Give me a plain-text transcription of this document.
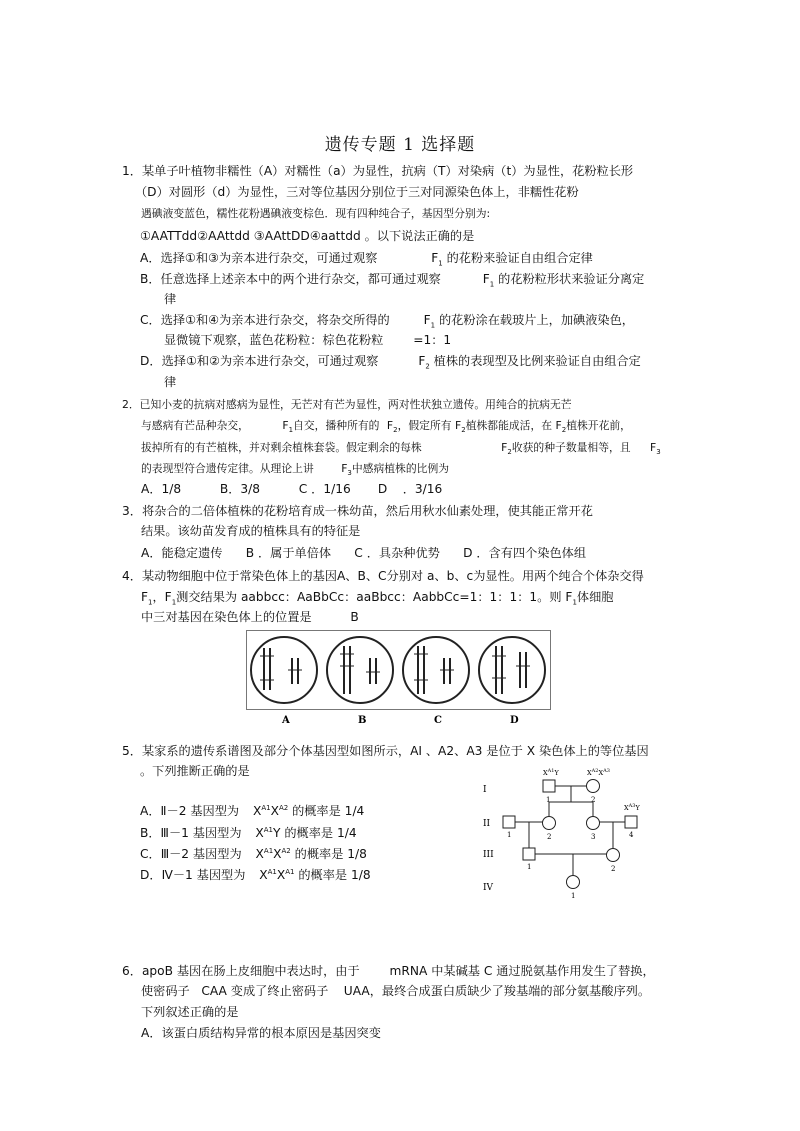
遗传专题 1 选择题
1．某单子叶植物非糯性（A）对糯性（a）为显性，抗病（T）对染病（t）为显性，花粉粒长形
（D）对圆形（d）为显性，三对等位基因分别位于三对同源染色体上，非糯性花粉
遇碘液变蓝色，糯性花粉遇碘液变棕色．现有四种纯合子，基因型分别为:
①AATTdd②AAttdd ③AAttDD④aattdd 。以下说法正确的是
A．选择①和③为亲本进行杂交，可通过观察	$F_1$ 的花粉来验证自由组合定律
B．任意选择上述亲本中的两个进行杂交，都可通过观察	$F_1$ 的花粉粒形状来验证分离定
律
C．选择①和④为亲本进行杂交，将杂交所得的	$F_1$ 的花粉涂在载玻片上，加碘液染色，
显微镜下观察，蓝色花粉粒：棕色花粉粒 =1：1
D．选择①和②为亲本进行杂交，可通过观察	$F_2$ 植株的表现型及比例来验证自由组合定
律
2．已知小麦的抗病对感病为显性，无芒对有芒为显性，两对性状独立遗传。用纯合的抗病无芒
与感病有芒品种杂交，	$F_1$自交，播种所有的 $F_2$，假定所有 $F_2$植株都能成活，在 $F_2$植株开花前，
拔掉所有的有芒植株，并对剩余植株套袋。假定剩余的每株	$F_2$收获的种子数量相等，且 $F_3$
的表现型符合遗传定律。从理论上讲	$F_3$中感病植株的比例为
A．1/8          B．3/8          C ．1/16       D    ．3/16
3．将杂合的二倍体植株的花粉培育成一株幼苗，然后用秋水仙素处理，使其能正常开花
结果。该幼苗发育成的植株具有的特征是
A．能稳定遗传      B ．属于单倍体      C ．具杂种优势      D ．含有四个染色体组
4．某动物细胞中位于常染色体上的基因A、B、C分别对 a、b、c为显性。用两个纯合个体杂交得
$F_1$，$F_1$测交结果为 aabbcc：AaBbCc：aaBbcc：AabbCc=1：1：1：1。则 $F_1$体细胞
中三对基因在染色体上的位置是          B
A	B	C	D
5．某家系的遗传系谱图及部分个体基因型如图所示，AI 、A2、A3 是位于 X 染色体上的等位基因
。下列推断正确的是
A．Ⅱ－2 基因型为 $X^{A1}X^{A2}$ 的概率是 1/4
B．Ⅲ－1 基因型为 $X^{A1}Y$ 的概率是 1/4
C．Ⅲ－2 基因型为 $X^{A1}X^{A2}$ 的概率是 1/8
D．Ⅳ－1 基因型为 $X^{A1}X^{A1}$ 的概率是 1/8
I
II
III
IV
$X^{A1}Y$	$X^{A2}X^{A3}$
$X^{A3}Y$
1	2
1	2	3	4
1	2
1
6．apoB 基因在肠上皮细胞中表达时，由于 mRNA 中某碱基 C 通过脱氨基作用发生了替换，
使密码子   CAA 变成了终止密码子 UAA，最终合成蛋白质缺少了羧基端的部分氨基酸序列。
下列叙述正确的是
A．该蛋白质结构异常的根本原因是基因突变
